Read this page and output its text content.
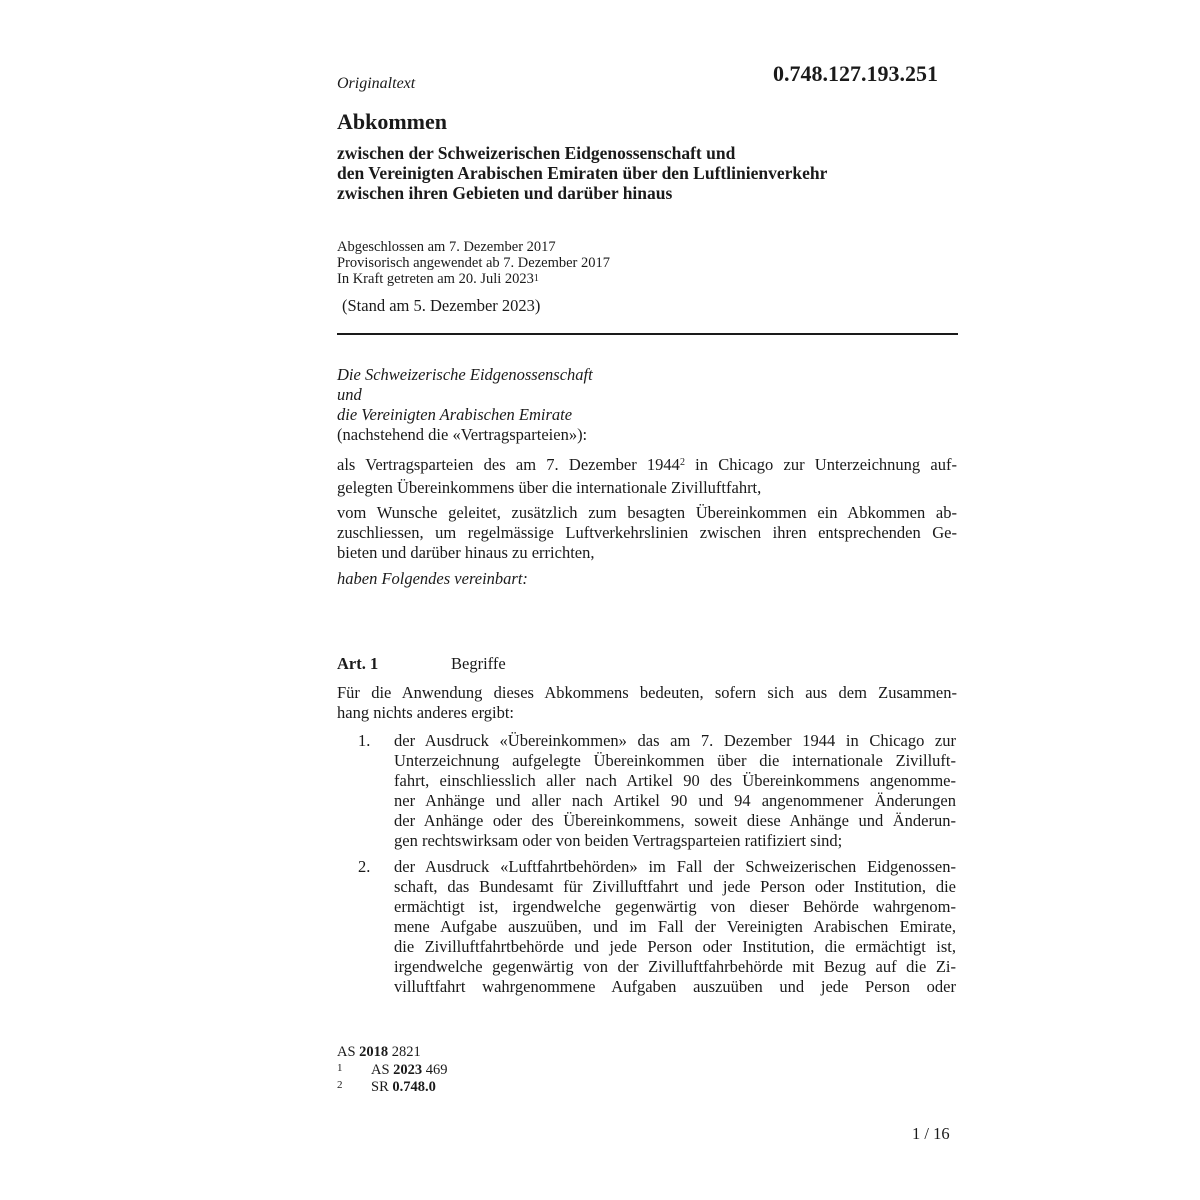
Originaltext	0.748.127.193.251
Abkommen
zwischen der Schweizerischen Eidgenossenschaft und
den Vereinigten Arabischen Emiraten über den Luftlinienverkehr
zwischen ihren Gebieten und darüber hinaus
Abgeschlossen am 7. Dezember 2017
Provisorisch angewendet ab 7. Dezember 2017
In Kraft getreten am 20. Juli 2023$^1$
(Stand am 5. Dezember 2023)
Die Schweizerische Eidgenossenschaft
und
die Vereinigten Arabischen Emirate
(nachstehend die «Vertragsparteien»):
als Vertragsparteien des am 7. Dezember 1944$^2$ in Chicago zur Unterzeichnung auf-
gelegten Übereinkommens über die internationale Zivilluftfahrt,
vom Wunsche geleitet, zusätzlich zum besagten Übereinkommen ein Abkommen ab-
zuschliessen, um regelmässige Luftverkehrslinien zwischen ihren entsprechenden Ge-
bieten und darüber hinaus zu errichten,
haben Folgendes vereinbart:
Art. 1	Begriffe
Für die Anwendung dieses Abkommens bedeuten, sofern sich aus dem Zusammen-
hang nichts anderes ergibt:
1. der Ausdruck «Übereinkommen» das am 7. Dezember 1944 in Chicago zur
Unterzeichnung aufgelegte Übereinkommen über die internationale Zivilluft-
fahrt, einschliesslich aller nach Artikel 90 des Übereinkommens angenomme-
ner Anhänge und aller nach Artikel 90 und 94 angenommener Änderungen
der Anhänge oder des Übereinkommens, soweit diese Anhänge und Änderun-
gen rechtswirksam oder von beiden Vertragsparteien ratifiziert sind;
2. der Ausdruck «Luftfahrtbehörden» im Fall der Schweizerischen Eidgenossen-
schaft, das Bundesamt für Zivilluftfahrt und jede Person oder Institution, die
ermächtigt ist, irgendwelche gegenwärtig von dieser Behörde wahrgenom-
mene Aufgabe auszuüben, und im Fall der Vereinigten Arabischen Emirate,
die Zivilluftfahrtbehörde und jede Person oder Institution, die ermächtigt ist,
irgendwelche gegenwärtig von der Zivilluftfahrbehörde mit Bezug auf die Zi-
villuftfahrt wahrgenommene Aufgaben auszuüben und jede Person oder
AS 2018 2821
1 AS 2023 469
2 SR 0.748.0
1 / 16
